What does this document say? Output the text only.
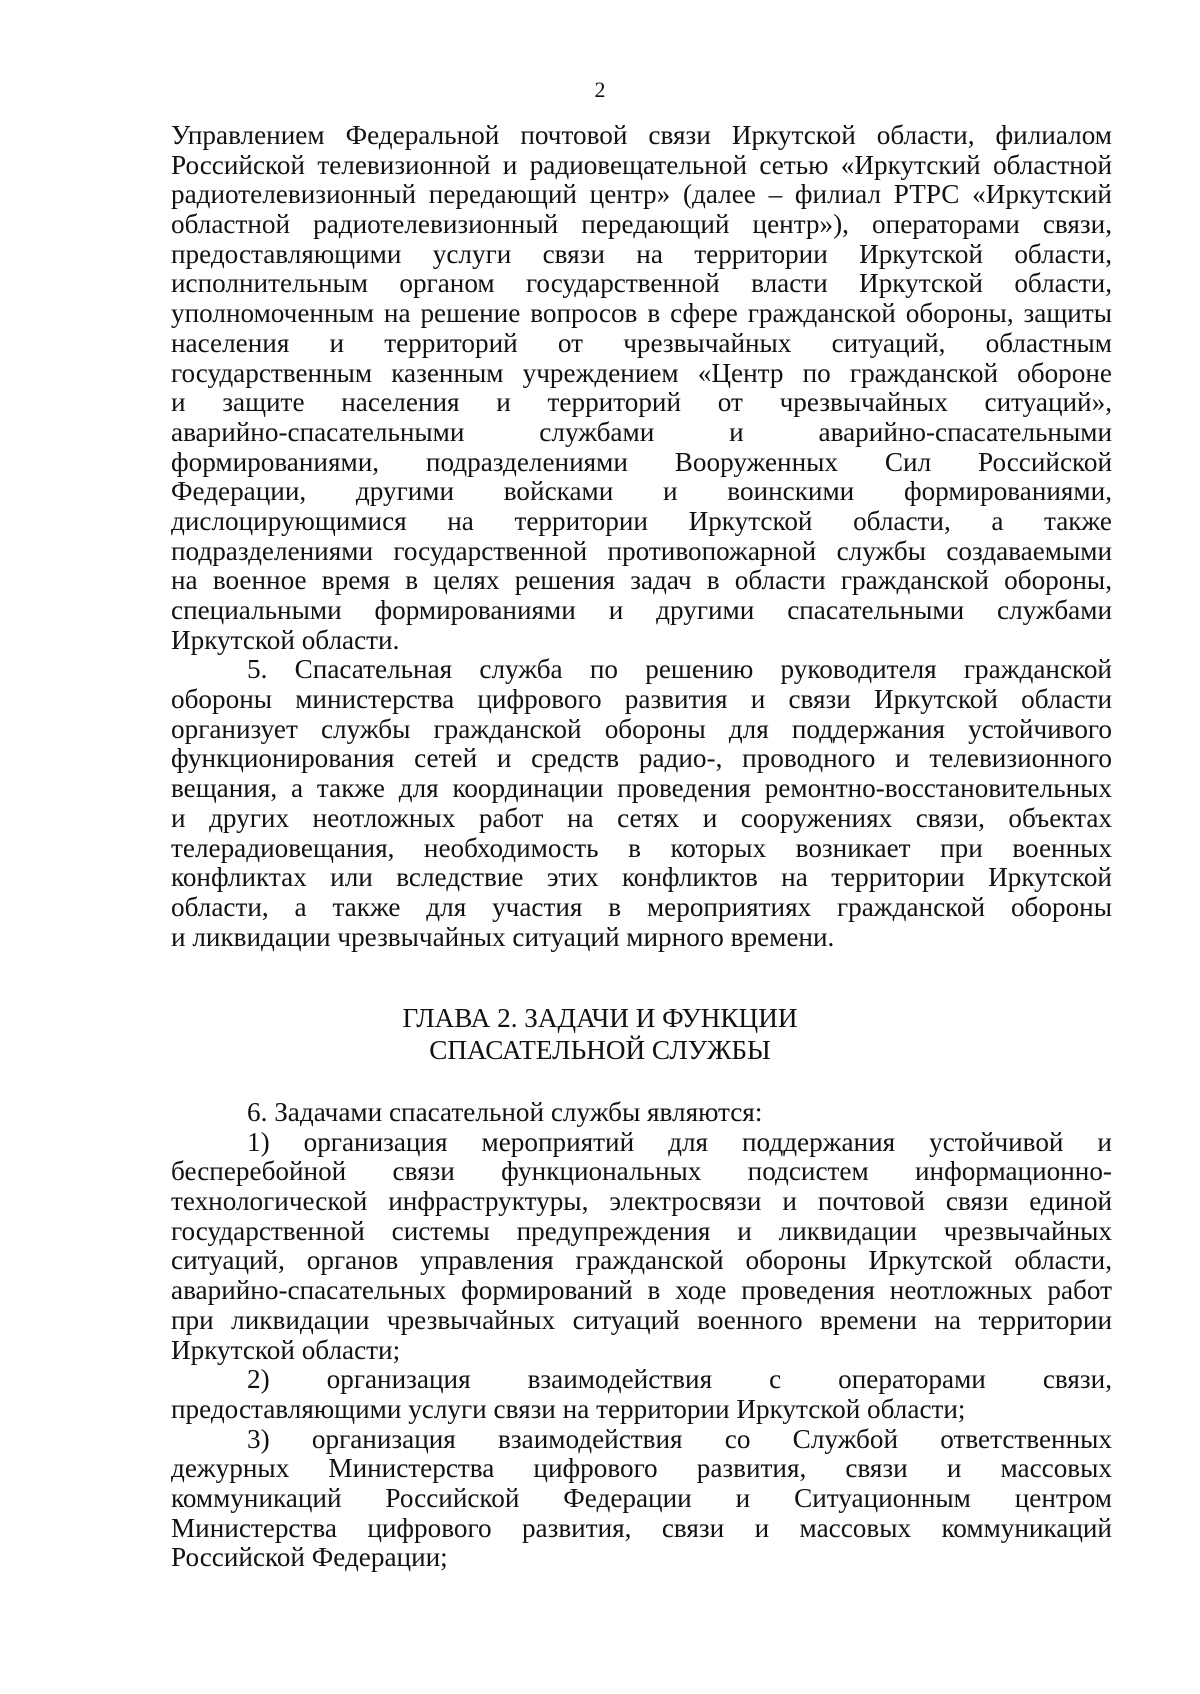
2
Управлением Федеральной почтовой связи Иркутской области, филиалом
Российской телевизионной и радиовещательной сетью «Иркутский областной
радиотелевизионный передающий центр» (далее – филиал РТРС «Иркутский
областной радиотелевизионный передающий центр»), операторами связи,
предоставляющими услуги связи на территории Иркутской области,
исполнительным органом государственной власти Иркутской области,
уполномоченным на решение вопросов в сфере гражданской обороны, защиты
населения и территорий от чрезвычайных ситуаций, областным
государственным казенным учреждением «Центр по гражданской обороне
и защите населения и территорий от чрезвычайных ситуаций»,
аварийно-спасательными службами и аварийно-спасательными
формированиями, подразделениями Вооруженных Сил Российской
Федерации, другими войсками и воинскими формированиями,
дислоцирующимися на территории Иркутской области, а также
подразделениями государственной противопожарной службы создаваемыми
на военное время в целях решения задач в области гражданской обороны,
специальными формированиями и другими спасательными службами
Иркутской области.
5. Спасательная служба по решению руководителя гражданской
обороны министерства цифрового развития и связи Иркутской области
организует службы гражданской обороны для поддержания устойчивого
функционирования сетей и средств радио-, проводного и телевизионного
вещания, а также для координации проведения ремонтно-восстановительных
и других неотложных работ на сетях и сооружениях связи, объектах
телерадиовещания, необходимость в которых возникает при военных
конфликтах или вследствие этих конфликтов на территории Иркутской
области, а также для участия в мероприятиях гражданской обороны
и ликвидации чрезвычайных ситуаций мирного времени.
ГЛАВА 2. ЗАДАЧИ И ФУНКЦИИ
СПАСАТЕЛЬНОЙ СЛУЖБЫ
6. Задачами спасательной службы являются:
1) организация мероприятий для поддержания устойчивой и
бесперебойной связи функциональных подсистем информационно-
технологической инфраструктуры, электросвязи и почтовой связи единой
государственной системы предупреждения и ликвидации чрезвычайных
ситуаций, органов управления гражданской обороны Иркутской области,
аварийно-спасательных формирований в ходе проведения неотложных работ
при ликвидации чрезвычайных ситуаций военного времени на территории
Иркутской области;
2) организация взаимодействия с операторами связи,
предоставляющими услуги связи на территории Иркутской области;
3) организация взаимодействия со Службой ответственных
дежурных Министерства цифрового развития, связи и массовых
коммуникаций Российской Федерации и Ситуационным центром
Министерства цифрового развития, связи и массовых коммуникаций
Российской Федерации;
